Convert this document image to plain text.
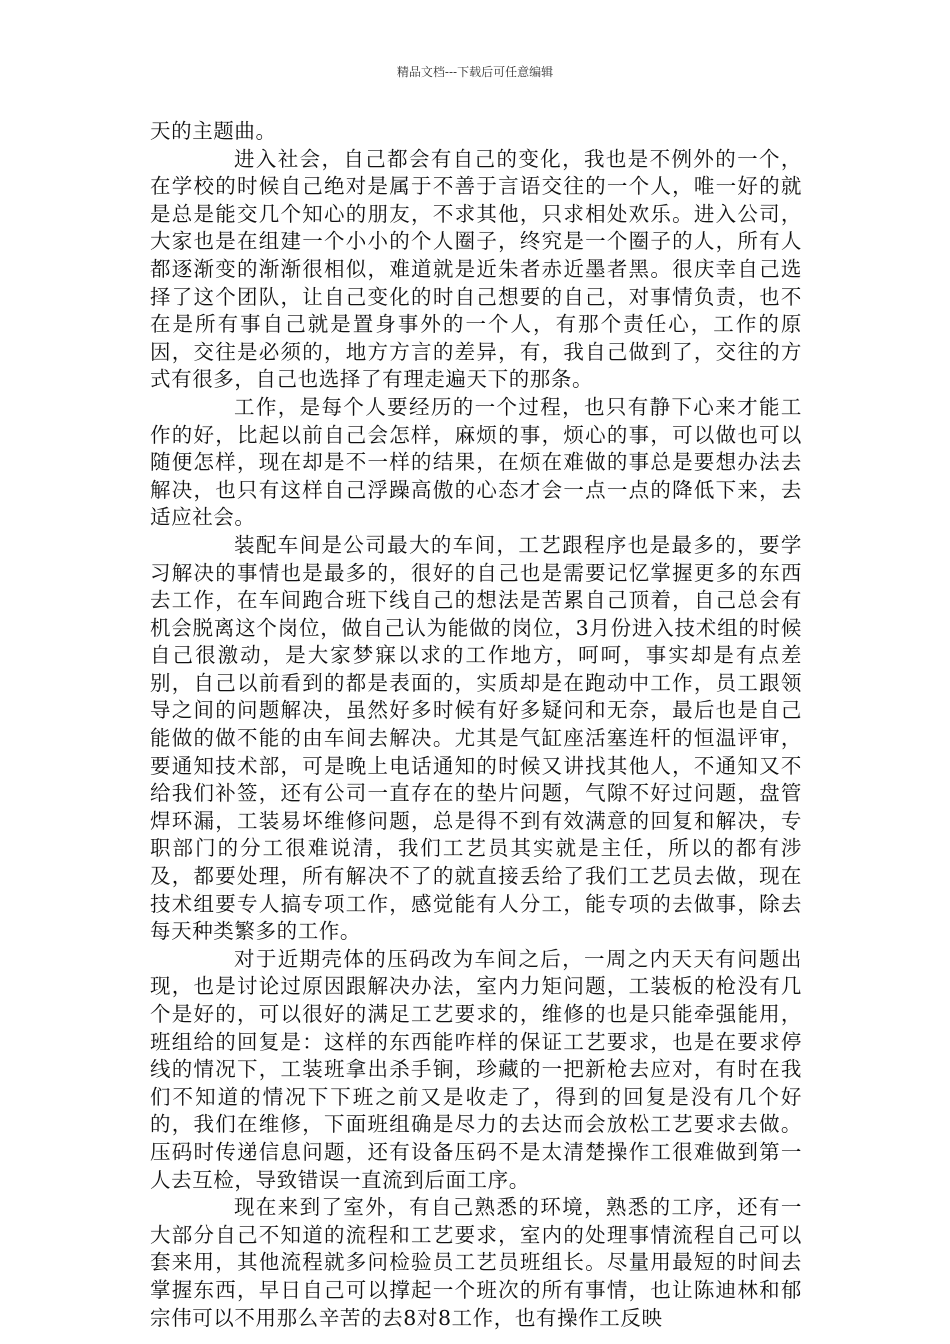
精品文档---下载后可任意编辑

天的主题曲。

进入社会，自己都会有自己的变化，我也是不例外的一个，在学校的时候自己绝对是属于不善于言语交往的一个人，唯一好的就是总是能交几个知心的朋友，不求其他，只求相处欢乐。进入公司，大家也是在组建一个小小的个人圈子，终究是一个圈子的人，所有人都逐渐变的渐渐很相似，难道就是近朱者赤近墨者黑。很庆幸自己选择了这个团队，让自己变化的时自己想要的自己，对事情负责，也不在是所有事自己就是置身事外的一个人，有那个责任心，工作的原因，交往是必须的，地方方言的差异，有，我自己做到了，交往的方式有很多，自己也选择了有理走遍天下的那条。

工作，是每个人要经历的一个过程，也只有静下心来才能工作的好，比起以前自己会怎样，麻烦的事，烦心的事，可以做也可以随便怎样，现在却是不一样的结果，在烦在难做的事总是要想办法去解决，也只有这样自己浮躁高傲的心态才会一点一点的降低下来，去适应社会。

装配车间是公司最大的车间，工艺跟程序也是最多的，要学习解决的事情也是最多的，很好的自己也是需要记忆掌握更多的东西去工作，在车间跑合班下线自己的想法是苦累自己顶着，自己总会有机会脱离这个岗位，做自己认为能做的岗位，3月份进入技术组的时候自己很激动，是大家梦寐以求的工作地方，呵呵，事实却是有点差别，自己以前看到的都是表面的，实质却是在跑动中工作，员工跟领导之间的问题解决，虽然好多时候有好多疑问和无奈，最后也是自己能做的做不能的由车间去解决。尤其是气缸座活塞连杆的恒温评审，要通知技术部，可是晚上电话通知的时候又讲找其他人，不通知又不给我们补签，还有公司一直存在的垫片问题，气隙不好过问题，盘管焊环漏，工装易坏维修问题，总是得不到有效满意的回复和解决，专职部门的分工很难说清，我们工艺员其实就是主任，所以的都有涉及，都要处理，所有解决不了的就直接丢给了我们工艺员去做，现在技术组要专人搞专项工作，感觉能有人分工，能专项的去做事，除去每天种类繁多的工作。

对于近期壳体的压码改为车间之后，一周之内天天有问题出现，也是讨论过原因跟解决办法，室内力矩问题，工装板的枪没有几个是好的，可以很好的满足工艺要求的，维修的也是只能牵强能用，班组给的回复是：这样的东西能咋样的保证工艺要求，也是在要求停线的情况下，工装班拿出杀手锏，珍藏的一把新枪去应对，有时在我们不知道的情况下下班之前又是收走了，得到的回复是没有几个好的，我们在维修，下面班组确是尽力的去达而会放松工艺要求去做。压码时传递信息问题，还有设备压码不是太清楚操作工很难做到第一人去互检，导致错误一直流到后面工序。

现在来到了室外，有自己熟悉的环境，熟悉的工序，还有一大部分自己不知道的流程和工艺要求，室内的处理事情流程自己可以套来用，其他流程就多问检验员工艺员班组长。尽量用最短的时间去掌握东西，早日自己可以撑起一个班次的所有事情，也让陈迪林和郁宗伟可以不用那么辛苦的去8对8工作，也有操作工反映
